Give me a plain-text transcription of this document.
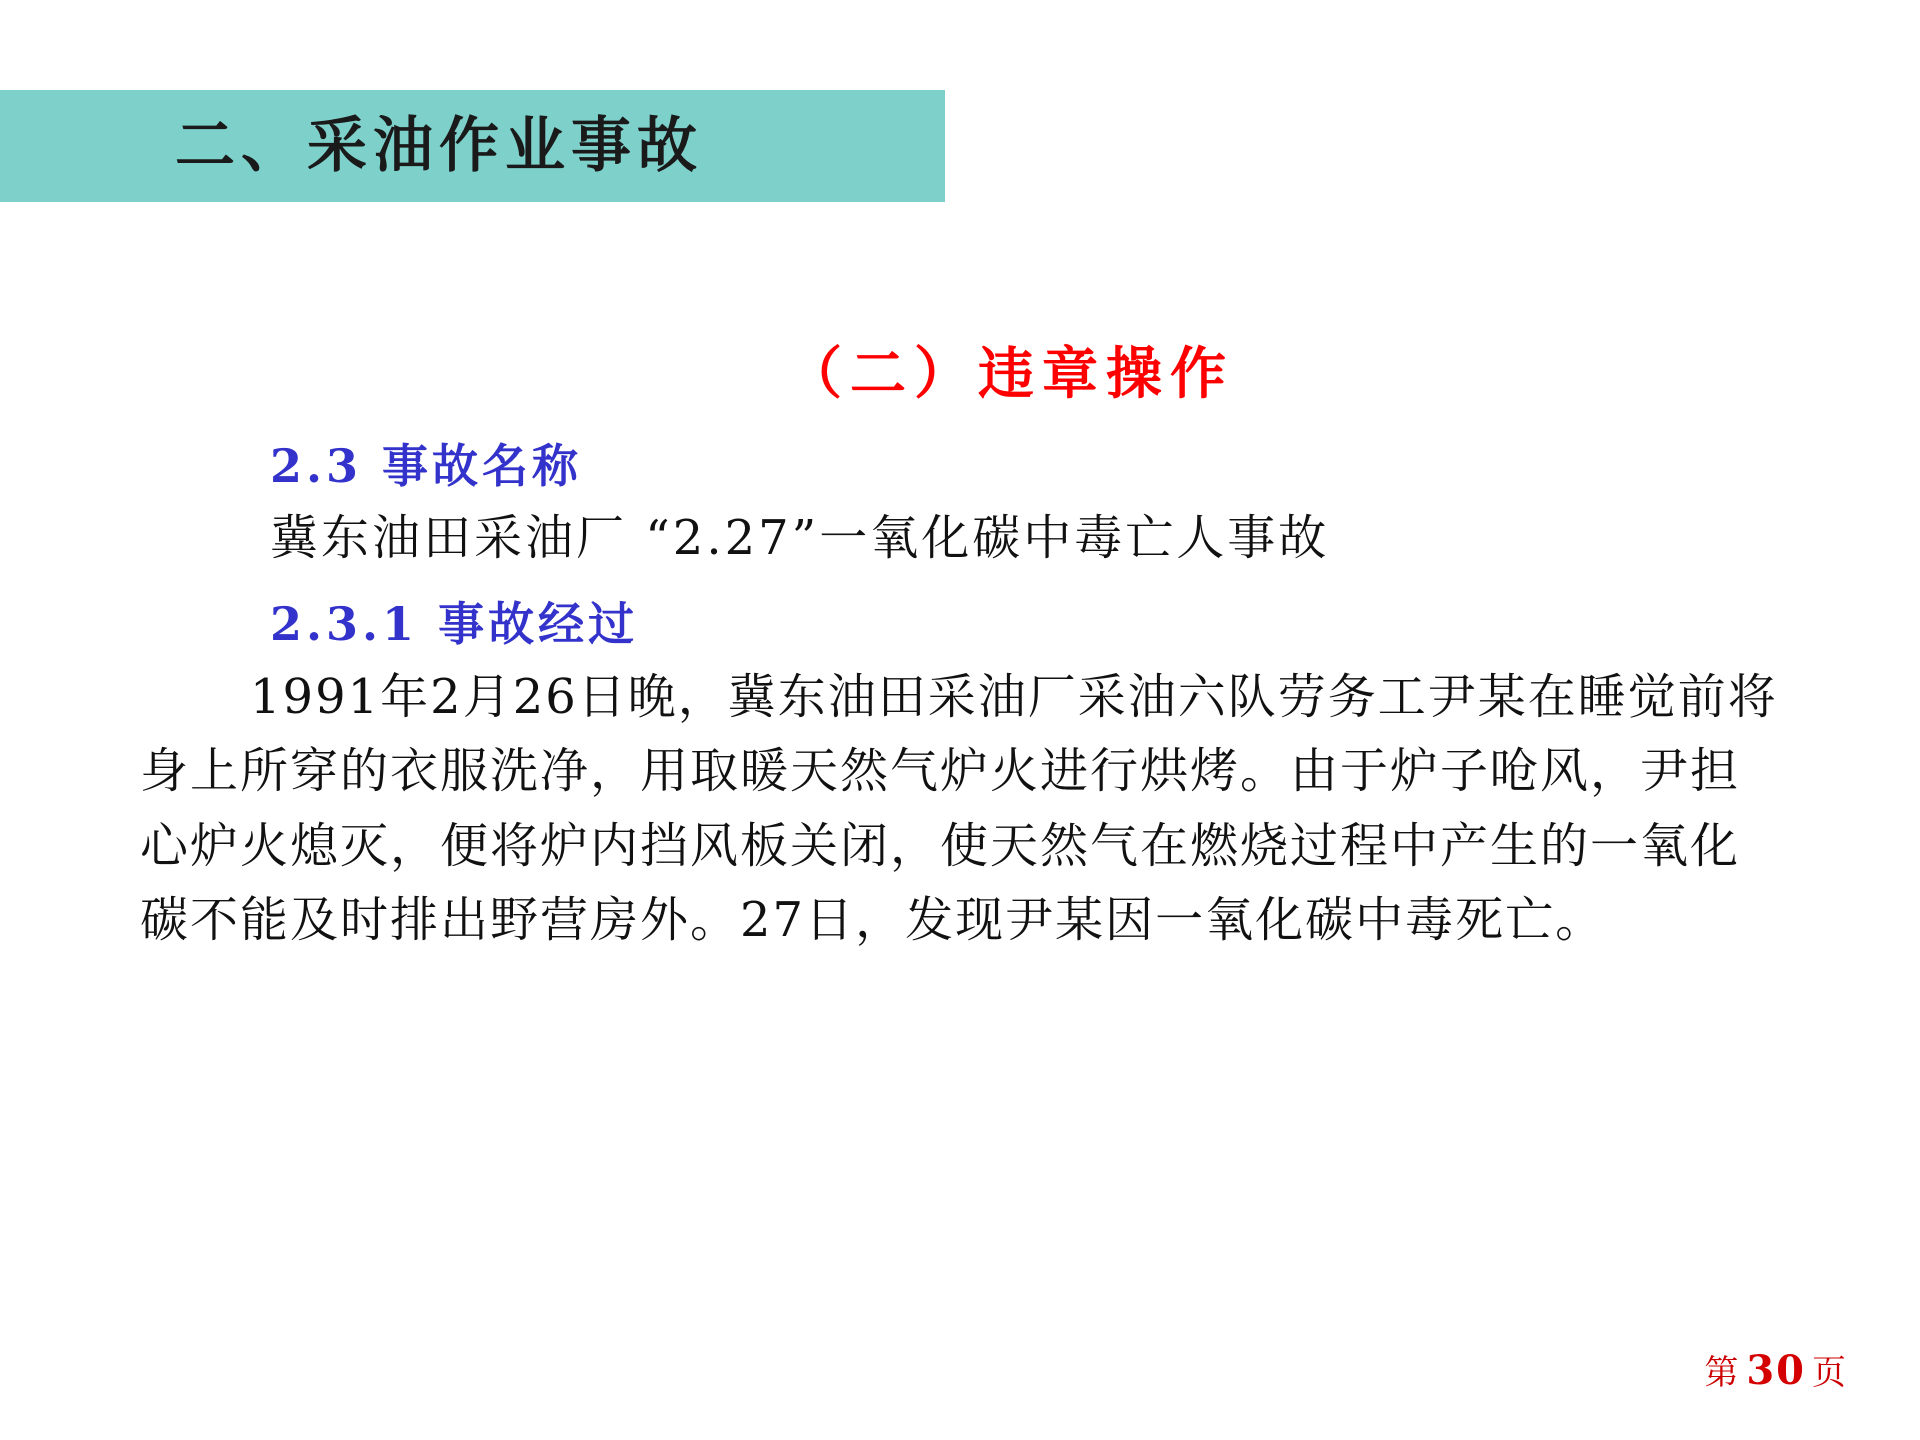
二、采油作业事故
（二）违章操作
2.3 事故名称
冀东油田采油厂 “2.27”一氧化碳中毒亡人事故
2.3.1 事故经过
1991年2月26日晚，冀东油田采油厂采油六队劳务工尹某在睡觉前将身上所穿的衣服洗净，用取暖天然气炉火进行烘烤。由于炉子呛风，尹担心炉火熄灭，便将炉内挡风板关闭，使天然气在燃烧过程中产生的一氧化碳不能及时排出野营房外。27日，发现尹某因一氧化碳中毒死亡。
第 30 页
